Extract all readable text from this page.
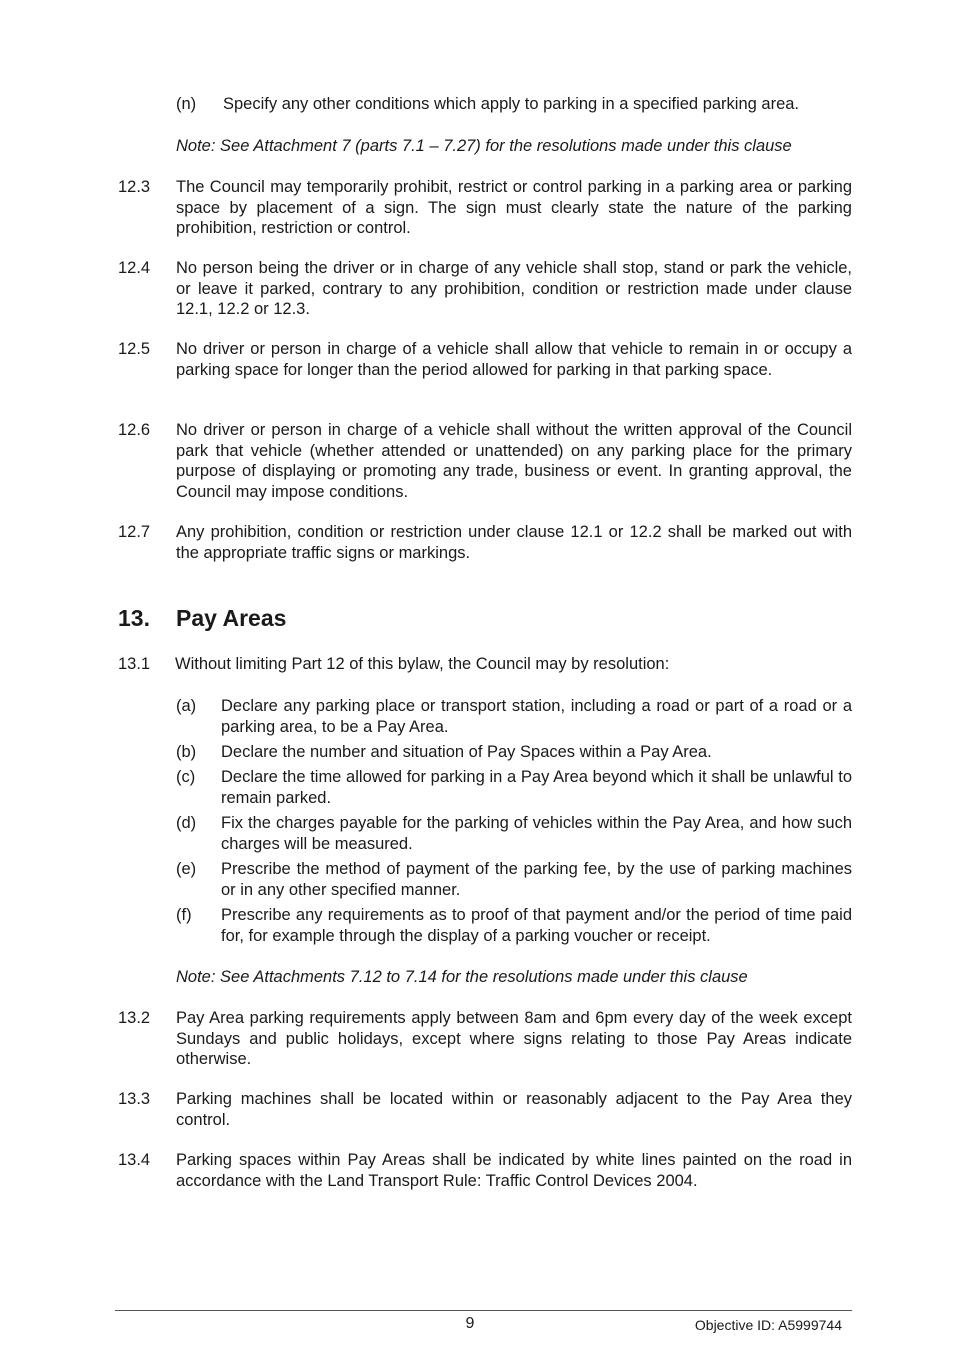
(n) Specify any other conditions which apply to parking in a specified parking area.
Note: See Attachment 7 (parts 7.1 – 7.27) for the resolutions made under this clause
12.3 The Council may temporarily prohibit, restrict or control parking in a parking area or parking space by placement of a sign. The sign must clearly state the nature of the parking prohibition, restriction or control.
12.4 No person being the driver or in charge of any vehicle shall stop, stand or park the vehicle, or leave it parked, contrary to any prohibition, condition or restriction made under clause 12.1, 12.2 or 12.3.
12.5 No driver or person in charge of a vehicle shall allow that vehicle to remain in or occupy a parking space for longer than the period allowed for parking in that parking space.
12.6 No driver or person in charge of a vehicle shall without the written approval of the Council park that vehicle (whether attended or unattended) on any parking place for the primary purpose of displaying or promoting any trade, business or event. In granting approval, the Council may impose conditions.
12.7 Any prohibition, condition or restriction under clause 12.1 or 12.2 shall be marked out with the appropriate traffic signs or markings.
13. Pay Areas
13.1 Without limiting Part 12 of this bylaw, the Council may by resolution:
(a) Declare any parking place or transport station, including a road or part of a road or a parking area, to be a Pay Area.
(b) Declare the number and situation of Pay Spaces within a Pay Area.
(c) Declare the time allowed for parking in a Pay Area beyond which it shall be unlawful to remain parked.
(d) Fix the charges payable for the parking of vehicles within the Pay Area, and how such charges will be measured.
(e) Prescribe the method of payment of the parking fee, by the use of parking machines or in any other specified manner.
(f) Prescribe any requirements as to proof of that payment and/or the period of time paid for, for example through the display of a parking voucher or receipt.
Note: See Attachments 7.12 to 7.14 for the resolutions made under this clause
13.2 Pay Area parking requirements apply between 8am and 6pm every day of the week except Sundays and public holidays, except where signs relating to those Pay Areas indicate otherwise.
13.3 Parking machines shall be located within or reasonably adjacent to the Pay Area they control.
13.4 Parking spaces within Pay Areas shall be indicated by white lines painted on the road in accordance with the Land Transport Rule: Traffic Control Devices 2004.
9	Objective ID: A5999744
